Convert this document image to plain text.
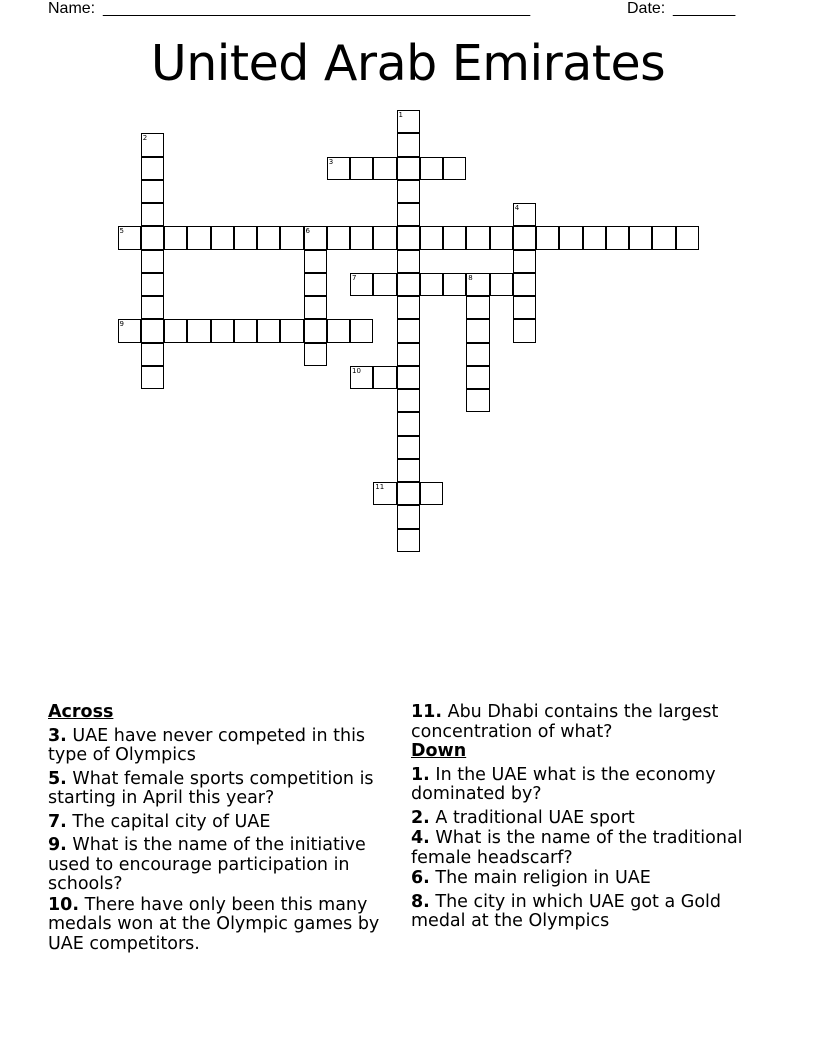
Name: ________________________________________________	Date: _______
United Arab Emirates
1
2
3
4
5	6
7	8
9
10
11
Across
3. UAE have never competed in this type of Olympics
5. What female sports competition is starting in April this year?
7. The capital city of UAE
9. What is the name of the initiative used to encourage participation in schools?
10. There have only been this many medals won at the Olympic games by UAE competitors.
11. Abu Dhabi contains the largest concentration of what?
Down
1. In the UAE what is the economy dominated by?
2. A traditional UAE sport
4. What is the name of the traditional female headscarf?
6. The main religion in UAE
8. The city in which UAE got a Gold medal at the Olympics
